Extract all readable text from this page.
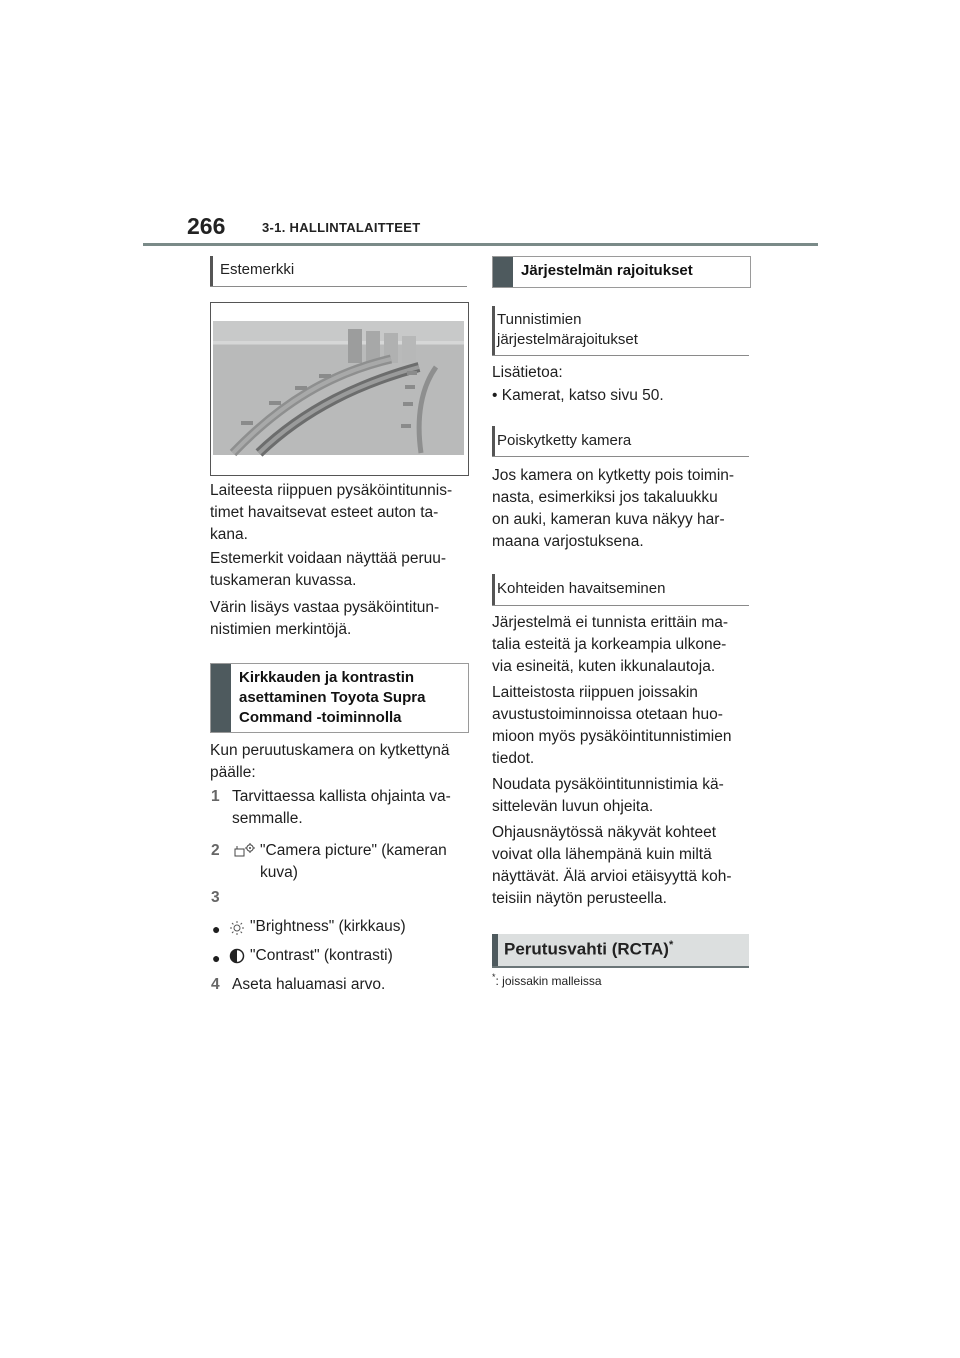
266	3-1. HALLINTALAITTEET
Estemerkki
Laiteesta riippuen pysäköintitunnis-
timet havaitsevat esteet auton ta-
kana.
Estemerkit voidaan näyttää peruu-
tuskameran kuvassa.
Värin lisäys vastaa pysäköintitun-
nistimien merkintöjä.
Kirkkauden ja kontrastin
asettaminen Toyota Supra
Command -toiminnolla
Kun peruutuskamera on kytkettynä
päälle:
1 Tarvittaessa kallista ohjainta va-
semmalle.
2	"Camera picture" (kameran
kuva)
3
● "Brightness" (kirkkaus)
● "Contrast" (kontrasti)
4 Aseta haluamasi arvo.
Järjestelmän rajoitukset
Tunnistimien
järjestelmärajoitukset
Lisätietoa:
• Kamerat, katso sivu 50.
Poiskytketty kamera
Jos kamera on kytketty pois toimin-
nasta, esimerkiksi jos takaluukku
on auki, kameran kuva näkyy har-
maana varjostuksena.
Kohteiden havaitseminen
Järjestelmä ei tunnista erittäin ma-
talia esteitä ja korkeampia ulkone-
via esineitä, kuten ikkunalautoja.
Laitteistosta riippuen joissakin
avustustoiminnoissa otetaan huo-
mioon myös pysäköintitunnistimien
tiedot.
Noudata pysäköintitunnistimia kä-
sittelevän luvun ohjeita.
Ohjausnäytössä näkyvät kohteet
voivat olla lähempänä kuin miltä
näyttävät. Älä arvioi etäisyyttä koh-
teisiin näytön perusteella.
Perutusvahti (RCTA)*
*: joissakin malleissa
